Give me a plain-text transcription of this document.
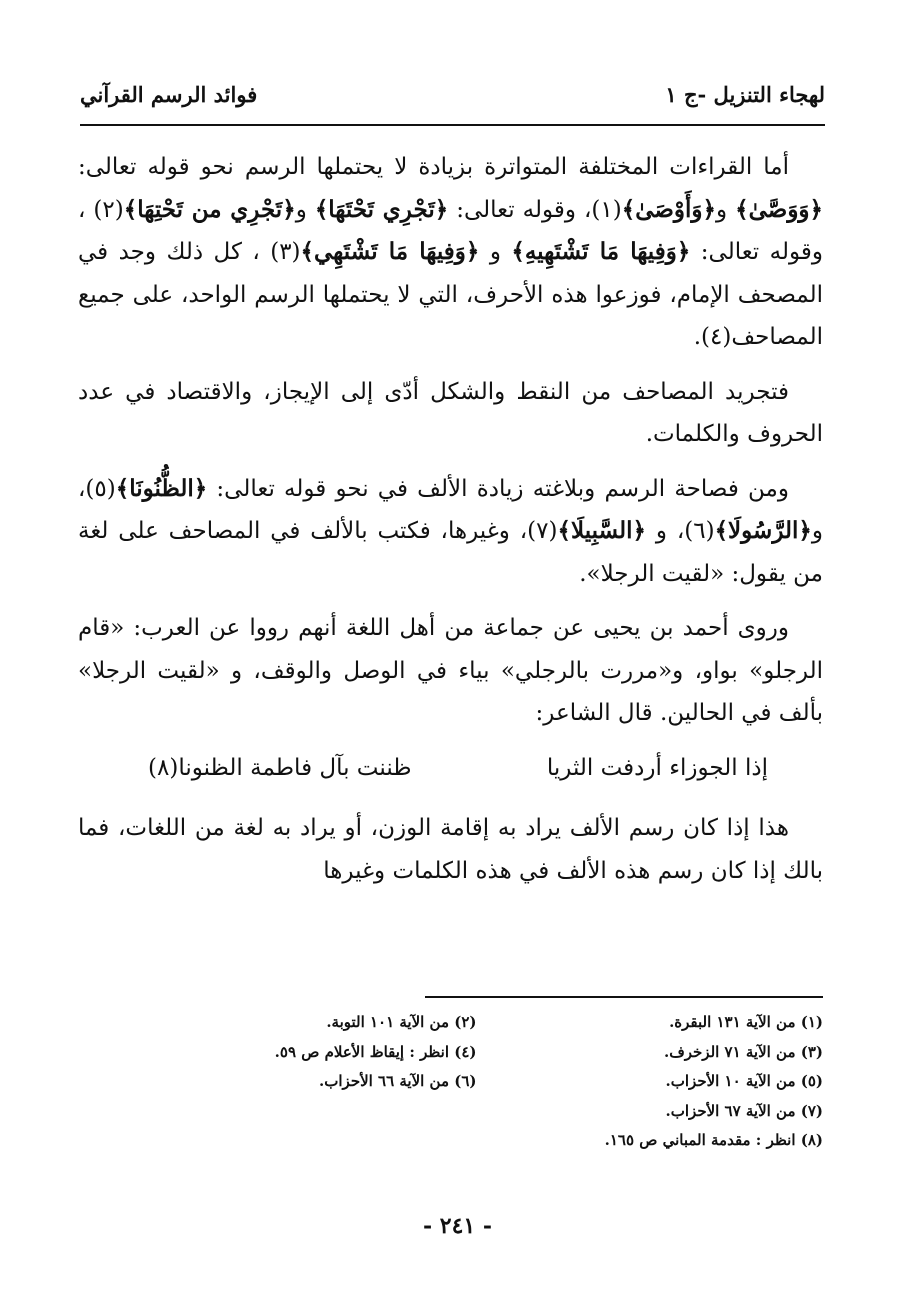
لهجاء التنزيل -ج ١
فوائد الرسم القرآني

أما القراءات المختلفة المتواترة بزيادة لا يحتملها الرسم نحو قوله تعالى: ﴿وَوَصَّىٰ﴾ و﴿وَأَوْصَىٰ﴾(١)، وقوله تعالى: ﴿تَجْرِي تَحْتَهَا﴾ و﴿تَجْرِي من تَحْتِهَا﴾(٢) ، وقوله تعالى: ﴿وَفِيهَا مَا تَشْتَهِيهِ﴾ و ﴿وَفِيهَا مَا تَشْتَهِي﴾(٣) ، كل ذلك وجد في المصحف الإمام، فوزعوا هذه الأحرف، التي لا يحتملها الرسم الواحد، على جميع المصاحف(٤).

فتجريد المصاحف من النقط والشكل أدّى إلى الإيجاز، والاقتصاد في عدد الحروف والكلمات.

ومن فصاحة الرسم وبلاغته زيادة الألف في نحو قوله تعالى: ﴿الظُّنُونَا﴾(٥)، و﴿الرَّسُولَا﴾(٦)، و ﴿السَّبِيلَا﴾(٧)، وغيرها، فكتب بالألف في المصاحف على لغة من يقول: «لقيت الرجلا».

وروى أحمد بن يحيى عن جماعة من أهل اللغة أنهم رووا عن العرب: «قام الرجلو» بواو، و«مررت بالرجلي» بياء في الوصل والوقف، و «لقيت الرجلا» بألف في الحالين. قال الشاعر:

إذا الجوزاء أردفت الثريا
ظننت بآل فاطمة الظنونا(٨)

هذا إذا كان رسم الألف يراد به إقامة الوزن، أو يراد به لغة من اللغات، فما بالك إذا كان رسم هذه الألف في هذه الكلمات وغيرها

(١) من الآية ١٣١ البقرة.
(٢) من الآية ١٠١ التوبة.
(٣) من الآية ٧١ الزخرف.
(٤) انظر : إيقاظ الأعلام ص ٥٩.
(٥) من الآية ١٠ الأحزاب.
(٦) من الآية ٦٦ الأحزاب.
(٧) من الآية ٦٧ الأحزاب.
(٨) انظر : مقدمة المباني ص ١٦٥.
- ٢٤١ -
